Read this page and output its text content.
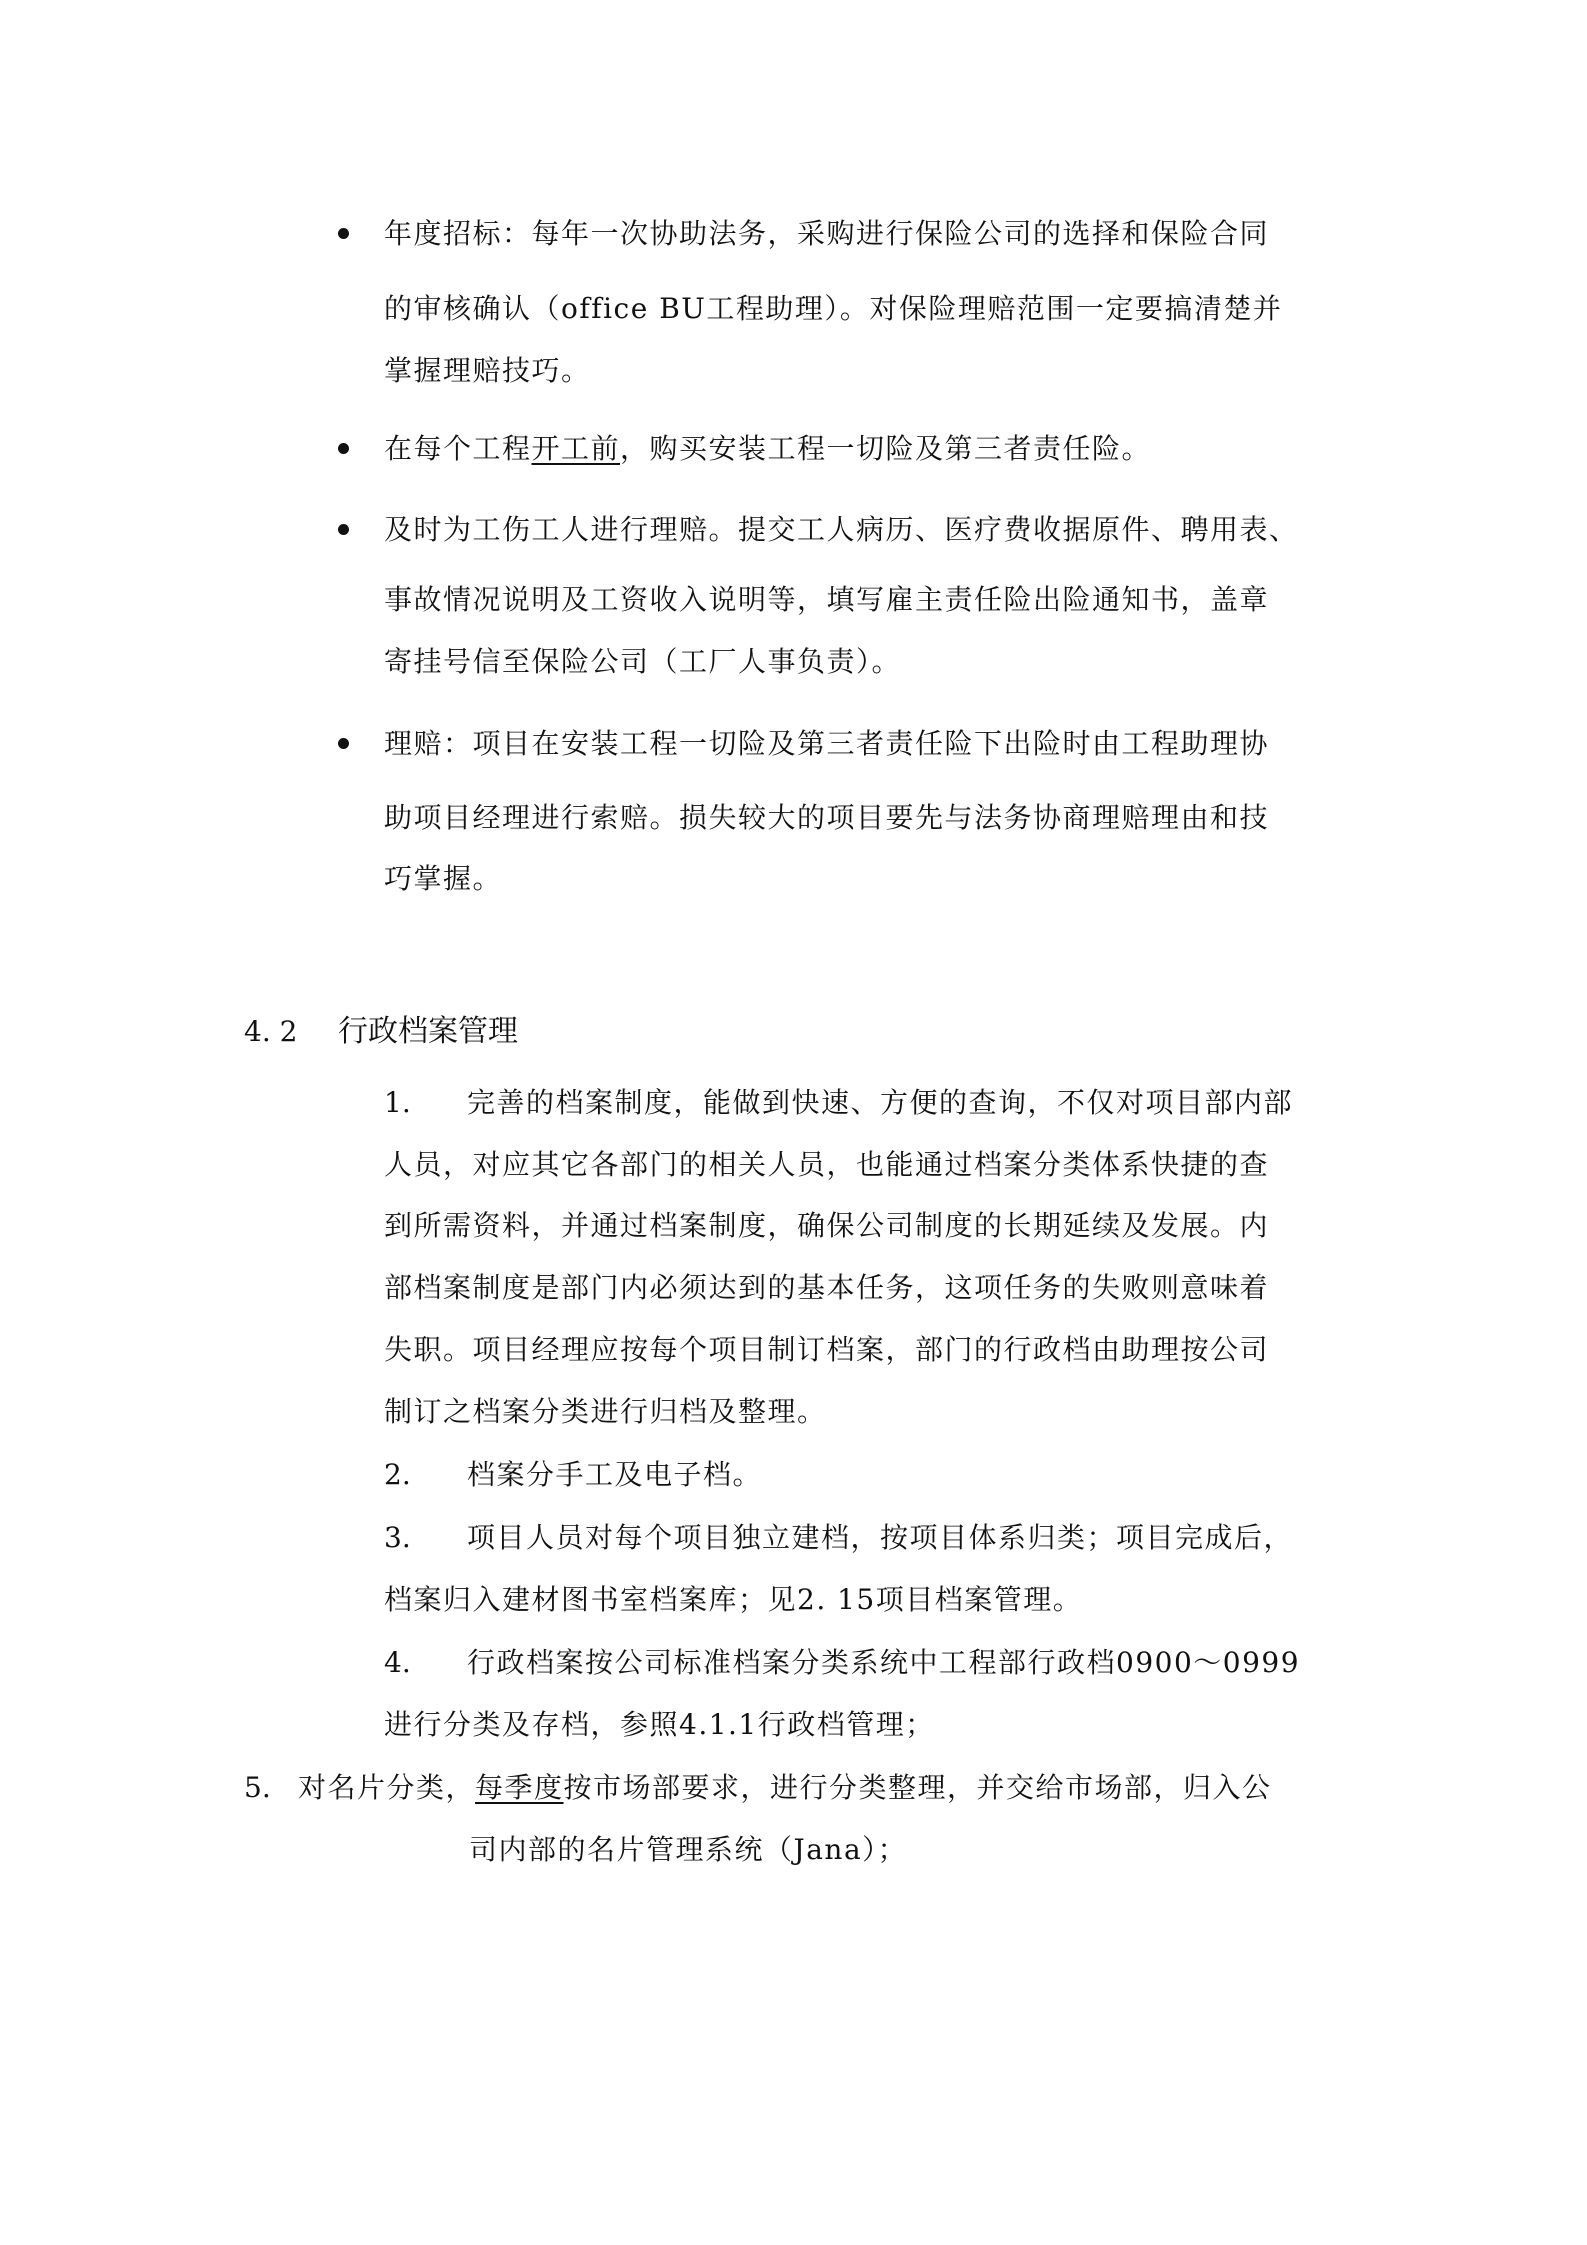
年度招标：每年一次协助法务，采购进行保险公司的选择和保险合同
的审核确认（office BU工程助理）。对保险理赔范围一定要搞清楚并
掌握理赔技巧。
在每个工程开工前，购买安装工程一切险及第三者责任险。
及时为工伤工人进行理赔。提交工人病历、医疗费收据原件、聘用表、
事故情况说明及工资收入说明等，填写雇主责任险出险通知书，盖章
寄挂号信至保险公司（工厂人事负责）。
理赔：项目在安装工程一切险及第三者责任险下出险时由工程助理协
助项目经理进行索赔。损失较大的项目要先与法务协商理赔理由和技
巧掌握。
4. 2 行政档案管理
1. 完善的档案制度，能做到快速、方便的查询，不仅对项目部内部
人员，对应其它各部门的相关人员，也能通过档案分类体系快捷的查
到所需资料，并通过档案制度，确保公司制度的长期延续及发展。内
部档案制度是部门内必须达到的基本任务，这项任务的失败则意味着
失职。项目经理应按每个项目制订档案，部门的行政档由助理按公司
制订之档案分类进行归档及整理。
2. 档案分手工及电子档。
3. 项目人员对每个项目独立建档，按项目体系归类；项目完成后，
档案归入建材图书室档案库；见2. 15项目档案管理。
4. 行政档案按公司标准档案分类系统中工程部行政档0900～0999
进行分类及存档，参照4.1.1行政档管理；
5. 对名片分类，每季度按市场部要求，进行分类整理，并交给市场部，归入公
司内部的名片管理系统（Jana）；
